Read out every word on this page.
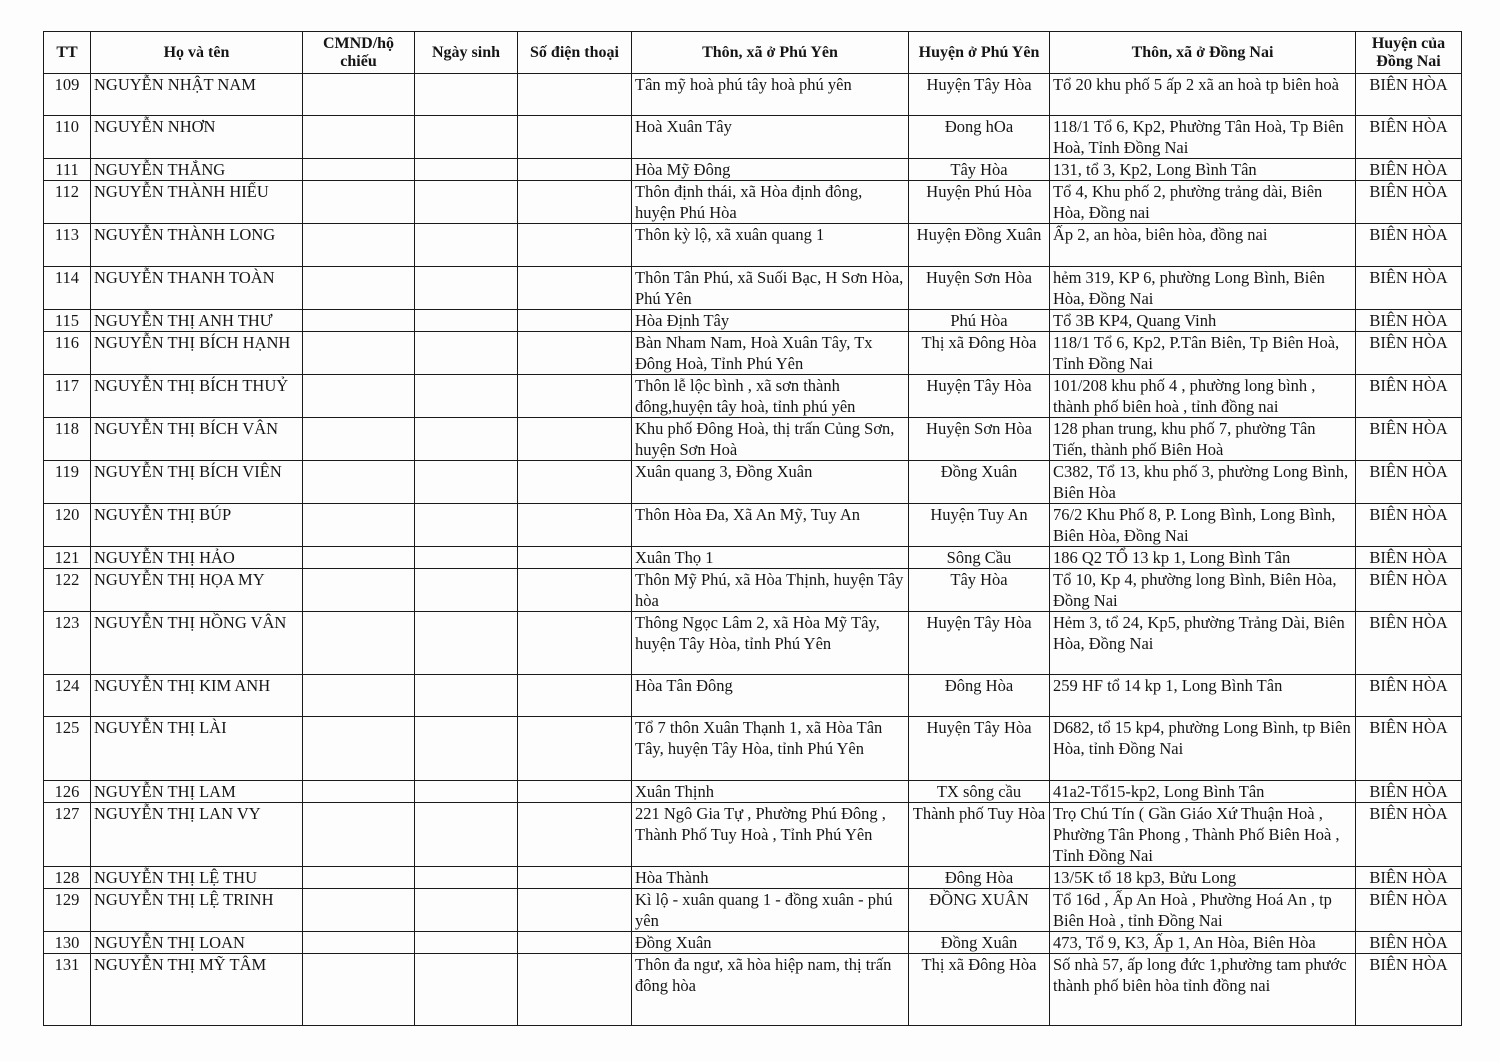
TT	Họ và tên	CMND/hộ chiếu	Ngày sinh	Số điện thoại	Thôn, xã ở Phú Yên	Huyện ở Phú Yên	Thôn, xã ở Đồng Nai	Huyện của Đồng Nai
109	NGUYỄN NHẬT NAM				Tân mỹ hoà phú tây hoà phú yên	Huyện Tây Hòa	Tổ 20 khu phố 5 ấp 2 xã an hoà tp biên hoà	BIÊN HÒA
110	NGUYỄN NHƠN				Hoà Xuân Tây	Đong hOa	118/1 Tổ 6, Kp2, Phường Tân Hoà, Tp Biên Hoà, Tỉnh Đồng Nai	BIÊN HÒA
111	NGUYỄN THẮNG				Hòa Mỹ Đông	Tây Hòa	131, tổ 3, Kp2, Long Bình Tân	BIÊN HÒA
112	NGUYỄN THÀNH HIẾU				Thôn định thái, xã Hòa định đông, huyện Phú Hòa	Huyện Phú Hòa	Tổ 4, Khu phố 2, phường trảng dài, Biên Hòa, Đồng nai	BIÊN HÒA
113	NGUYỄN THÀNH LONG				Thôn kỳ lộ, xã xuân quang 1	Huyện Đồng Xuân	Ấp 2, an hòa, biên hòa, đồng nai	BIÊN HÒA
114	NGUYỄN THANH TOÀN				Thôn Tân Phú, xã Suối Bạc, H Sơn Hòa, Phú Yên	Huyện Sơn Hòa	hẻm 319, KP 6, phường Long Bình, Biên Hòa, Đồng Nai	BIÊN HÒA
115	NGUYỄN THỊ ANH THƯ				Hòa Định Tây	Phú Hòa	Tổ 3B KP4, Quang Vinh	BIÊN HÒA
116	NGUYỄN THỊ BÍCH HẠNH				Bàn Nham Nam, Hoà Xuân Tây, Tx Đông Hoà, Tỉnh Phú Yên	Thị xã Đông Hòa	118/1 Tổ 6, Kp2, P.Tân Biên, Tp Biên Hoà, Tỉnh Đồng Nai	BIÊN HÒA
117	NGUYỄN THỊ BÍCH THUỶ				Thôn lễ lộc bình , xã sơn thành đông,huyện tây hoà, tỉnh phú yên	Huyện Tây Hòa	101/208 khu phố 4 , phường long bình , thành phố biên hoà , tỉnh đồng nai	BIÊN HÒA
118	NGUYỄN THỊ BÍCH VÂN				Khu phố Đông Hoà, thị trấn Củng Sơn, huyện Sơn Hoà	Huyện Sơn Hòa	128 phan trung, khu phố 7, phường Tân Tiến, thành phố Biên Hoà	BIÊN HÒA
119	NGUYỄN THỊ BÍCH VIÊN				Xuân quang 3, Đồng Xuân	Đồng Xuân	C382, Tổ 13, khu phố 3, phường Long Bình, Biên Hòa	BIÊN HÒA
120	NGUYỄN THỊ BÚP				Thôn Hòa Đa, Xã An Mỹ, Tuy An	Huyện Tuy An	76/2 Khu Phố 8, P. Long Bình, Long Bình, Biên Hòa, Đồng Nai	BIÊN HÒA
121	NGUYỄN THỊ HẢO				Xuân Thọ 1	Sông Cầu	186 Q2 TỔ 13 kp 1, Long Bình Tân	BIÊN HÒA
122	NGUYỄN THỊ HỌA MY				Thôn Mỹ Phú, xã Hòa Thịnh, huyện Tây hòa	Tây Hòa	Tổ 10, Kp 4, phường long Bình, Biên Hòa, Đồng Nai	BIÊN HÒA
123	NGUYỄN THỊ HỒNG VÂN				Thông Ngọc Lâm 2, xã Hòa Mỹ Tây, huyện Tây Hòa, tỉnh Phú Yên	Huyện Tây Hòa	Hẻm 3, tổ 24, Kp5, phường Trảng Dài, Biên Hòa, Đồng Nai	BIÊN HÒA
124	NGUYỄN THỊ KIM ANH				Hòa Tân Đông	Đông Hòa	259 HF tổ 14 kp 1, Long Bình Tân	BIÊN HÒA
125	NGUYỄN THỊ LÀI				Tổ 7 thôn Xuân Thạnh 1, xã Hòa Tân Tây, huyện Tây Hòa, tỉnh Phú Yên	Huyện Tây Hòa	D682, tổ 15 kp4, phường Long Bình, tp Biên Hòa, tỉnh Đồng Nai	BIÊN HÒA
126	NGUYỄN THỊ LAM				Xuân Thịnh	TX sông cầu	41a2-Tổ15-kp2, Long Bình Tân	BIÊN HÒA
127	NGUYỄN THỊ LAN VY				221 Ngô Gia Tự , Phường Phú Đông , Thành Phố Tuy Hoà , Tỉnh Phú Yên	Thành phố Tuy Hòa	Trọ Chú Tín ( Gần Giáo Xứ Thuận Hoà , Phường Tân Phong , Thành Phố Biên Hoà , Tỉnh Đồng Nai	BIÊN HÒA
128	NGUYỄN THỊ LỆ THU				Hòa Thành	Đông Hòa	13/5K tổ 18 kp3, Bửu Long	BIÊN HÒA
129	NGUYỄN THỊ LỆ TRINH				Kì lộ - xuân quang 1 - đồng xuân - phú yên	ĐỒNG XUÂN	Tổ 16d , Ấp An Hoà , Phường Hoá An , tp Biên Hoà , tỉnh Đồng Nai	BIÊN HÒA
130	NGUYỄN THỊ LOAN				Đồng Xuân	Đồng Xuân	473, Tổ 9, K3, Ấp 1, An Hòa, Biên Hòa	BIÊN HÒA
131	NGUYỄN THỊ MỸ TÂM				Thôn đa ngư, xã hòa hiệp nam, thị trấn đông hòa	Thị xã Đông Hòa	Số nhà 57, ấp long đức 1,phường tam phước thành phố biên hòa tỉnh đồng nai	BIÊN HÒA
